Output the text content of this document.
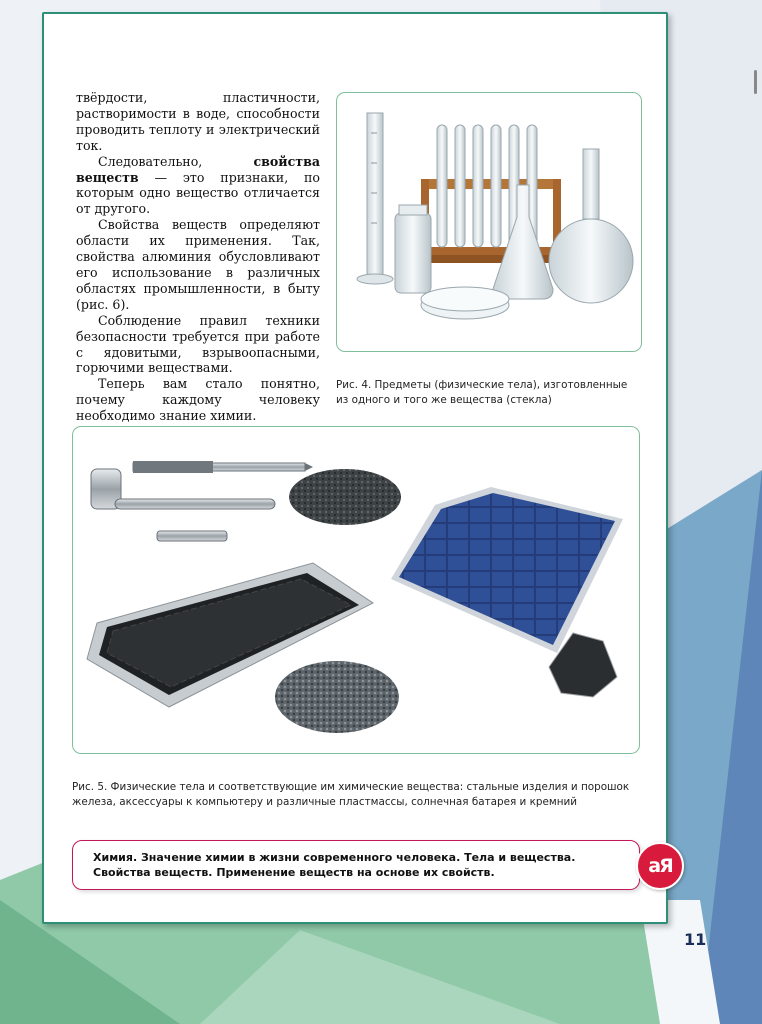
твёрдости, пластичности, растворимости в воде, способности проводить теплоту и электрический ток.

Следовательно, свойства веществ — это признаки, по которым одно вещество отличается от другого.

Свойства веществ определяют области их применения. Так, свойства алюминия обусловливают его использование в различных областях промышленности, в быту (рис. 6).

Соблюдение правил техники безопасности требуется при работе с ядовитыми, взрывоопасными, горючими веществами.

Теперь вам стало понятно, почему каждому человеку необходимо знание химии.

Рис. 4. Предметы (физические тела), изготовленные из одного и того же вещества (стекла)
Рис. 5. Физические тела и соответствующие им химические вещества: стальные изделия и порошок железа, аксессуары к компьютеру и различные пластмассы, солнечная батарея и кремний
Химия. Значение химии в жизни современного человека. Тела и вещества. Свойства веществ. Применение веществ на основе их свойств.	аЯ
11
